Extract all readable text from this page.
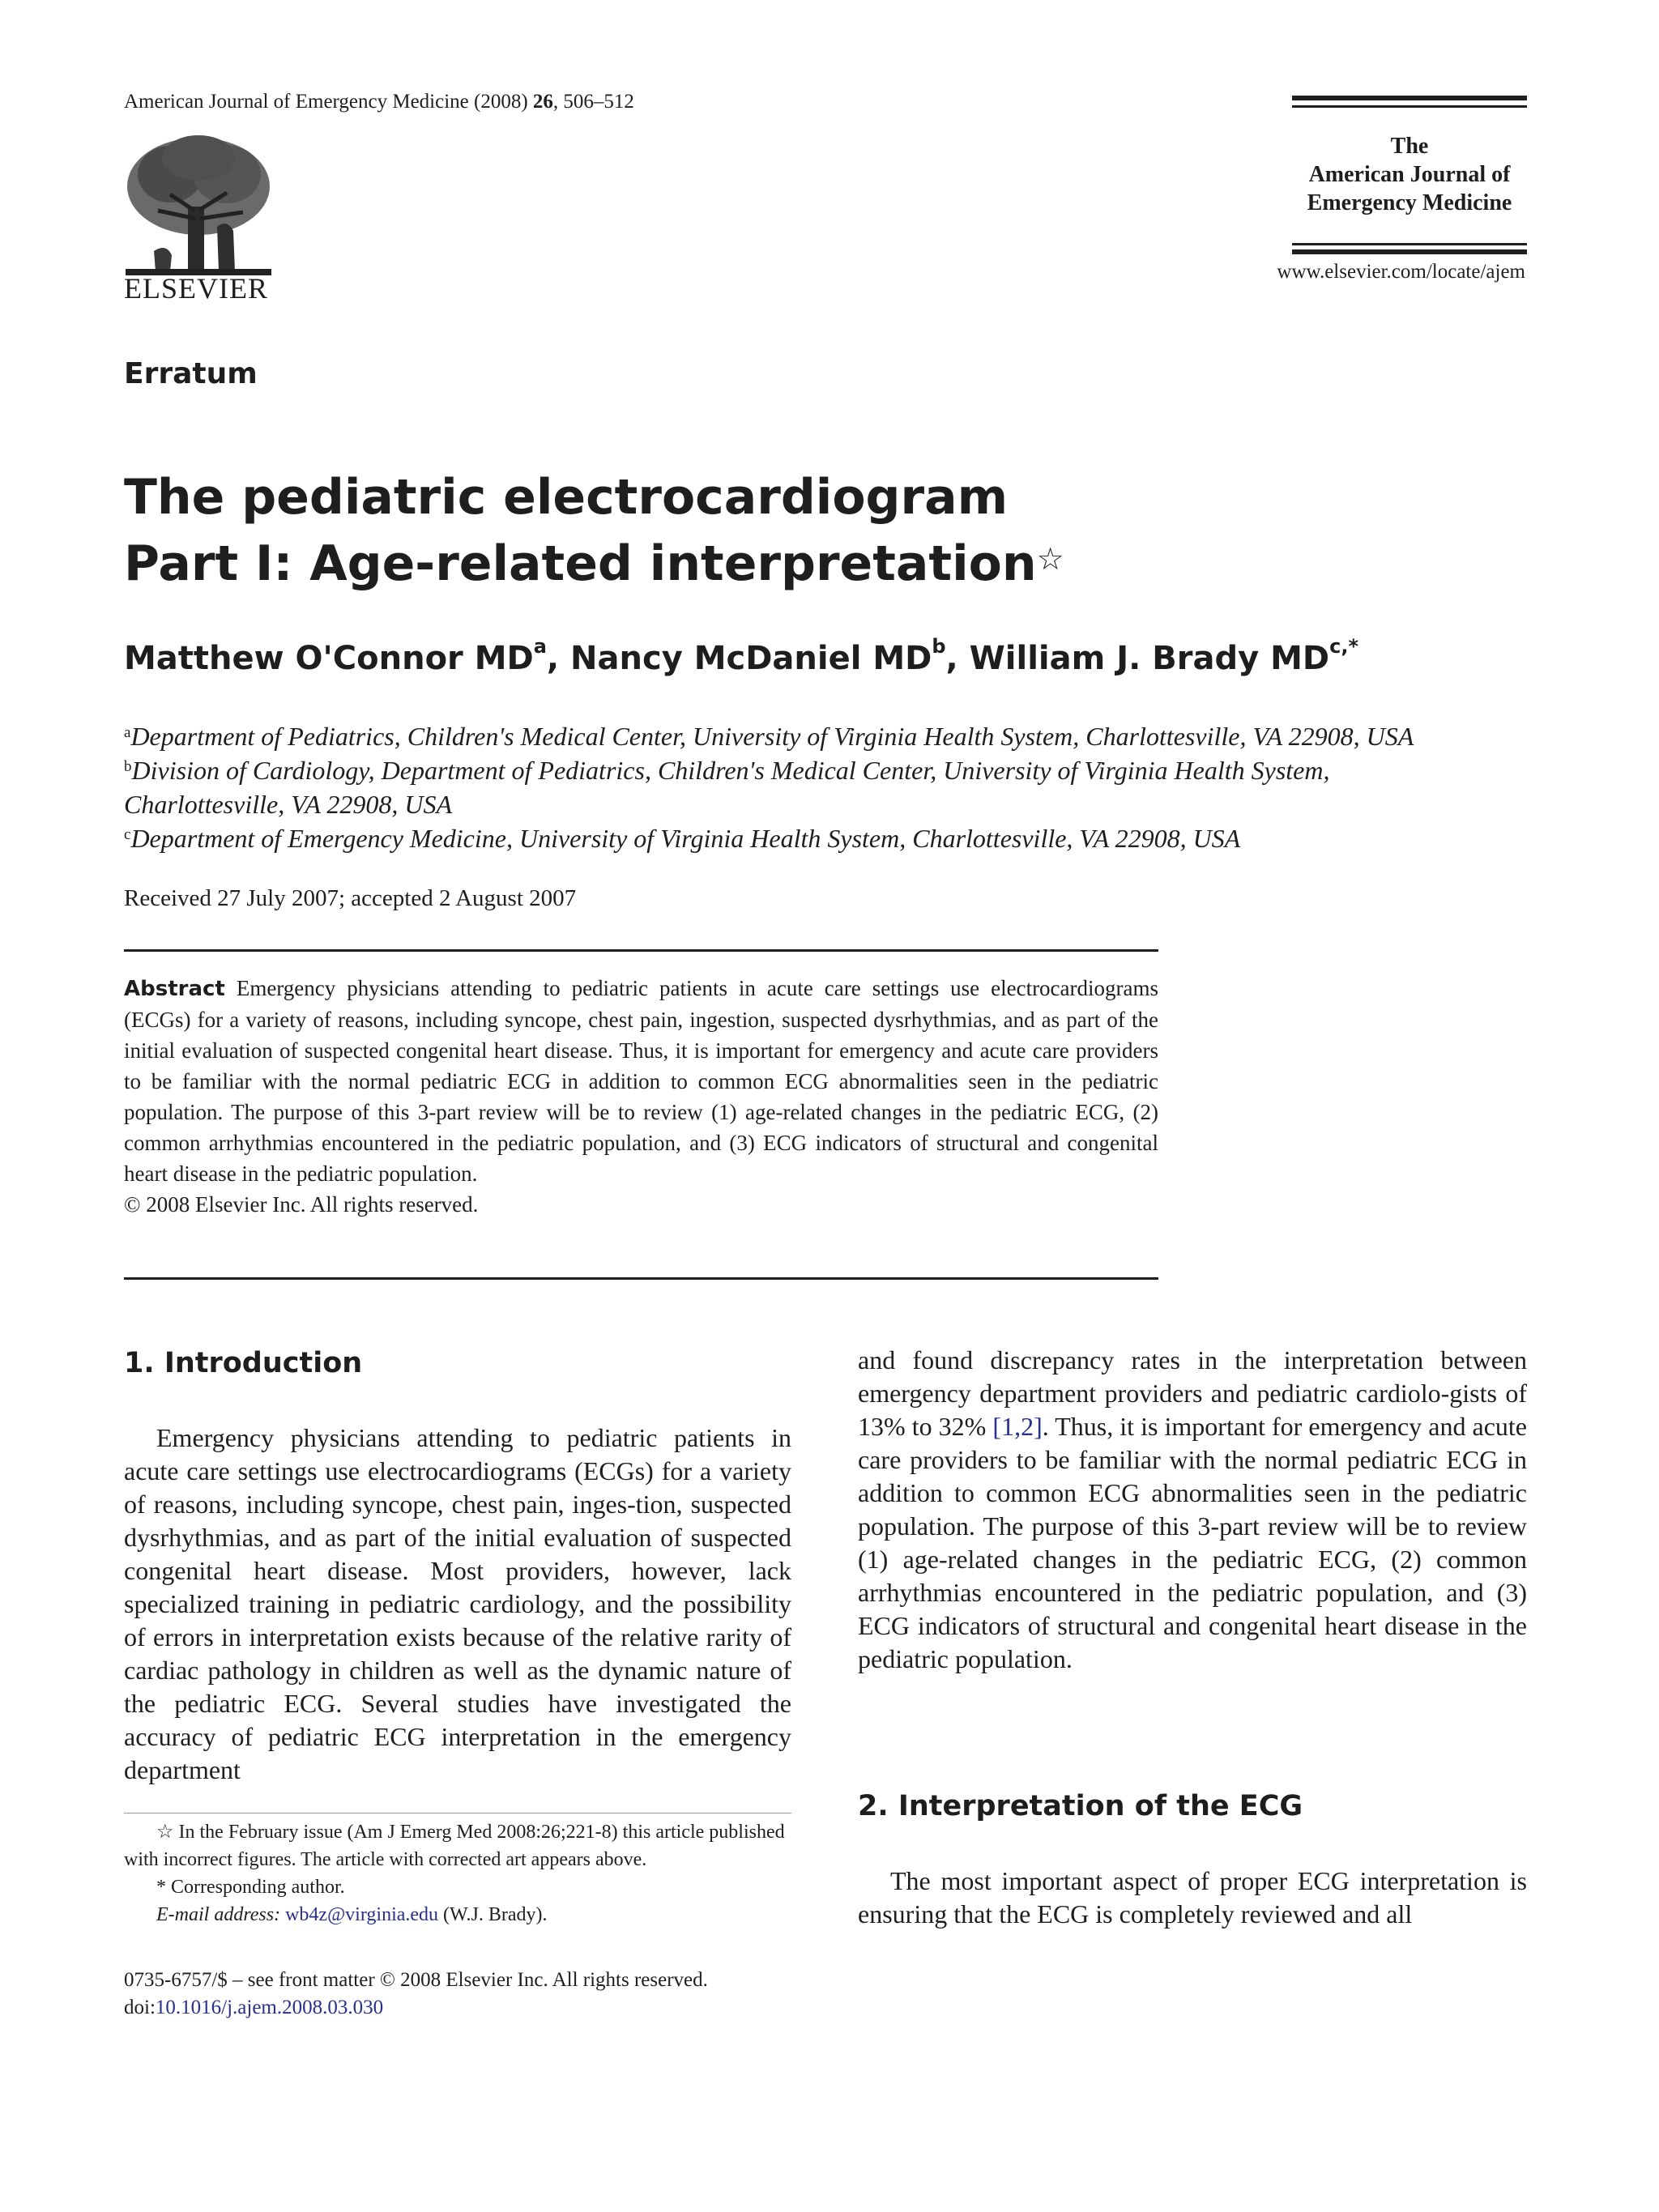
American Journal of Emergency Medicine (2008) 26, 506–512
ELSEVIER
The
American Journal of
Emergency Medicine
www.elsevier.com/locate/ajem
Erratum
The pediatric electrocardiogram
Part I: Age-related interpretation☆
Matthew O'Connor $MD^a$, Nancy McDaniel $MD^b$, William J. Brady $MD^{c,*}$
$^a$Department of Pediatrics, Children's Medical Center, University of Virginia Health System, Charlottesville, VA 22908, USA
$^b$Division of Cardiology, Department of Pediatrics, Children's Medical Center, University of Virginia Health System,
Charlottesville, VA 22908, USA
$^c$Department of Emergency Medicine, University of Virginia Health System, Charlottesville, VA 22908, USA
Received 27 July 2007; accepted 2 August 2007
Abstract Emergency physicians attending to pediatric patients in acute care settings use electrocardiograms (ECGs) for a variety of reasons, including syncope, chest pain, ingestion, suspected dysrhythmias, and as part of the initial evaluation of suspected congenital heart disease. Thus, it is important for emergency and acute care providers to be familiar with the normal pediatric ECG in addition to common ECG abnormalities seen in the pediatric population. The purpose of this 3-part review will be to review (1) age-related changes in the pediatric ECG, (2) common arrhythmias encountered in the pediatric population, and (3) ECG indicators of structural and congenital heart disease in the pediatric population.
© 2008 Elsevier Inc. All rights reserved.
1. Introduction

Emergency physicians attending to pediatric patients in acute care settings use electrocardiograms (ECGs) for a variety of reasons, including syncope, chest pain, inges-tion, suspected dysrhythmias, and as part of the initial evaluation of suspected congenital heart disease. Most providers, however, lack specialized training in pediatric cardiology, and the possibility of errors in interpretation exists because of the relative rarity of cardiac pathology in children as well as the dynamic nature of the pediatric ECG. Several studies have investigated the accuracy of pediatric ECG interpretation in the emergency department

☆ In the February issue (Am J Emerg Med 2008:26;221-8) this article published with incorrect figures. The article with corrected art appears above.
* Corresponding author.
E-mail address: wb4z@virginia.edu (W.J. Brady).
0735-6757/$ – see front matter © 2008 Elsevier Inc. All rights reserved.
doi:10.1016/j.ajem.2008.03.030

and found discrepancy rates in the interpretation between emergency department providers and pediatric cardiolo-gists of 13% to 32% [1,2]. Thus, it is important for emergency and acute care providers to be familiar with the normal pediatric ECG in addition to common ECG abnormalities seen in the pediatric population. The purpose of this 3-part review will be to review (1) age-related changes in the pediatric ECG, (2) common arrhythmias encountered in the pediatric population, and (3) ECG indicators of structural and congenital heart disease in the pediatric population.

2. Interpretation of the ECG

The most important aspect of proper ECG interpretation is ensuring that the ECG is completely reviewed and all
